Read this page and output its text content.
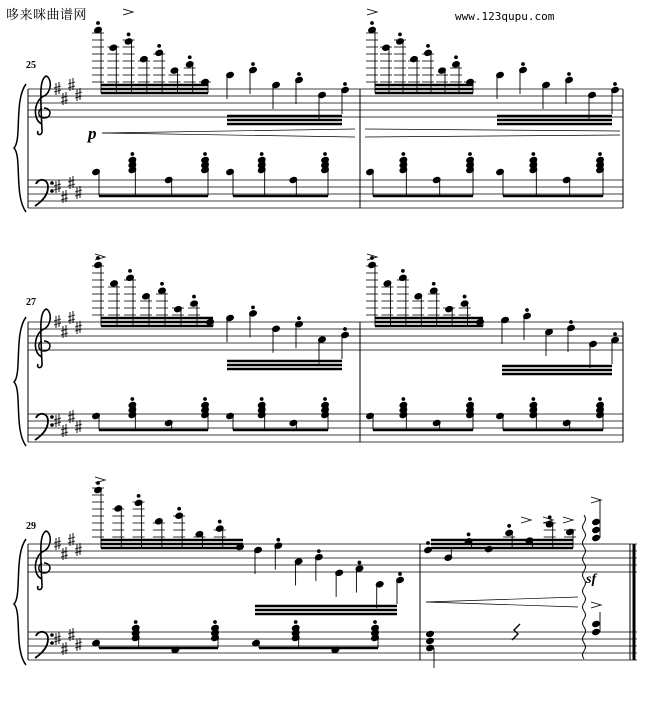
哆来咪曲谱网	www.123qupu.com
25
27
29
p
sf
